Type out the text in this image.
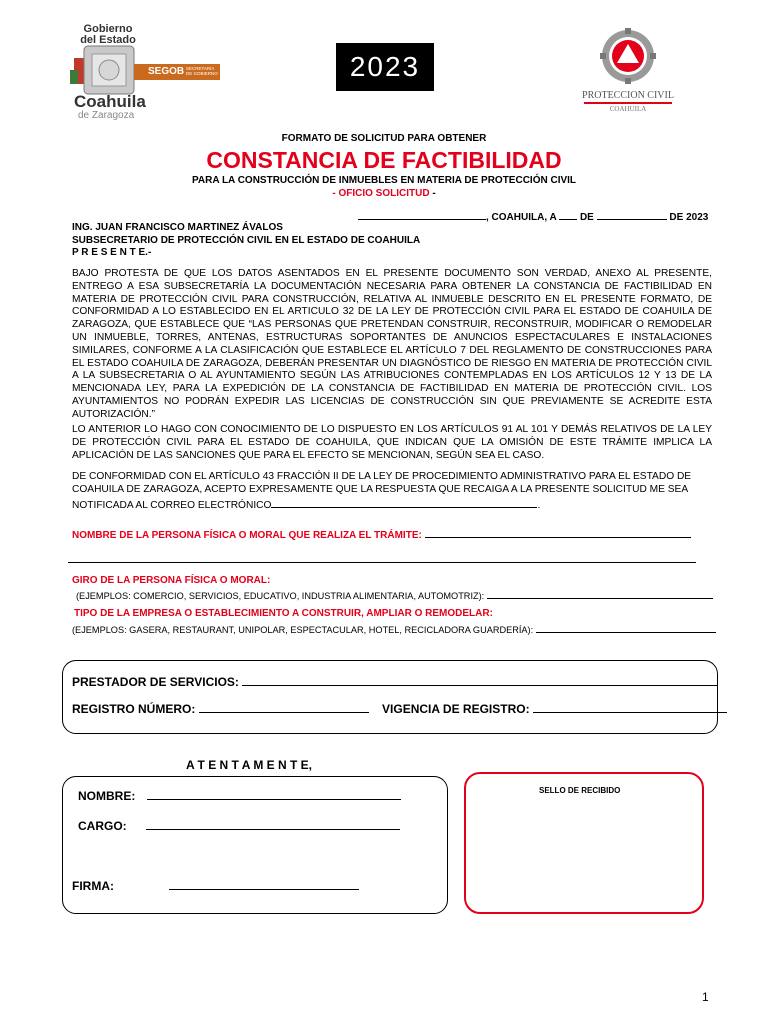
Gobierno
del Estado
SEGOB SECRETARÍA DE GOBIERNO
Coahuila
de Zaragoza
2023
PROTECCION CIVIL
COAHUILA
FORMATO DE SOLICITUD PARA OBTENER
CONSTANCIA DE FACTIBILIDAD
PARA LA CONSTRUCCIÓN DE INMUEBLES EN MATERIA DE PROTECCIÓN CIVIL
- OFICIO SOLICITUD -
, COAHUILA, A DE	DE 2023
ING. JUAN FRANCISCO MARTINEZ ÁVALOS
SUBSECRETARIO DE PROTECCIÓN CIVIL EN EL ESTADO DE COAHUILA
P R E S E N T E.-
BAJO PROTESTA DE QUE LOS DATOS ASENTADOS EN EL PRESENTE DOCUMENTO SON VERDAD, ANEXO AL PRESENTE, ENTREGO A ESA SUBSECRETARÍA LA DOCUMENTACIÓN NECESARIA PARA OBTENER LA CONSTANCIA DE FACTIBILIDAD EN MATERIA DE PROTECCIÓN CIVIL PARA CONSTRUCCIÓN, RELATIVA AL INMUEBLE DESCRITO EN EL PRESENTE FORMATO, DE CONFORMIDAD A LO ESTABLECIDO EN EL ARTICULO 32 DE LA LEY DE PROTECCIÓN CIVIL PARA EL ESTADO DE COAHUILA DE ZARAGOZA, QUE ESTABLECE QUE “LAS PERSONAS QUE PRETENDAN CONSTRUIR, RECONSTRUIR, MODIFICAR O REMODELAR UN INMUEBLE, TORRES, ANTENAS, ESTRUCTURAS SOPORTANTES DE ANUNCIOS ESPECTACULARES E INSTALACIONES SIMILARES, CONFORME A LA CLASIFICACIÓN QUE ESTABLECE EL ARTÍCULO 7 DEL REGLAMENTO DE CONSTRUCCIONES PARA EL ESTADO COAHUILA DE ZARAGOZA, DEBERÁN PRESENTAR UN DIAGNÓSTICO DE RIESGO EN MATERIA DE PROTECCIÓN CIVIL A LA SUBSECRETARIA O AL AYUNTAMIENTO SEGÚN LAS ATRIBUCIONES CONTEMPLADAS EN LOS ARTÍCULOS 12 Y 13 DE LA MENCIONADA LEY, PARA LA EXPEDICIÓN DE LA CONSTANCIA DE FACTIBILIDAD EN MATERIA DE PROTECCIÓN CIVIL. LOS AYUNTAMIENTOS NO PODRÁN EXPEDIR LAS LICENCIAS DE CONSTRUCCIÓN SIN QUE PREVIAMENTE SE ACREDITE ESTA AUTORIZACIÓN.”
LO ANTERIOR LO HAGO CON CONOCIMIENTO DE LO DISPUESTO EN LOS ARTÍCULOS 91 AL 101 Y DEMÁS RELATIVOS DE LA LEY DE PROTECCIÓN CIVIL PARA EL ESTADO DE COAHUILA, QUE INDICAN QUE LA OMISIÓN DE ESTE TRÁMITE IMPLICA LA APLICACIÓN DE LAS SANCIONES QUE PARA EL EFECTO SE MENCIONAN, SEGÚN SEA EL CASO.
DE CONFORMIDAD CON EL ARTÍCULO 43 FRACCIÓN II DE LA LEY DE PROCEDIMIENTO ADMINISTRATIVO PARA EL ESTADO DE COAHUILA DE ZARAGOZA, ACEPTO EXPRESAMENTE QUE LA RESPUESTA QUE RECAIGA A LA PRESENTE SOLICITUD ME SEA NOTIFICADA AL CORREO ELECTRÓNICO	.
NOMBRE DE LA PERSONA FÍSICA O MORAL QUE REALIZA EL TRÁMITE:
GIRO DE LA PERSONA FÍSICA O MORAL:
(EJEMPLOS: COMERCIO, SERVICIOS, EDUCATIVO, INDUSTRIA ALIMENTARIA, AUTOMOTRIZ):
TIPO DE LA EMPRESA O ESTABLECIMIENTO A CONSTRUIR, AMPLIAR O REMODELAR:
(EJEMPLOS: GASERA, RESTAURANT, UNIPOLAR, ESPECTACULAR, HOTEL, RECICLADORA GUARDERÍA):
PRESTADOR DE SERVICIOS:
REGISTRO NÚMERO:	VIGENCIA DE REGISTRO:
A T E N T A M E N T E,
NOMBRE:
CARGO:
FIRMA:
SELLO DE RECIBIDO
1
